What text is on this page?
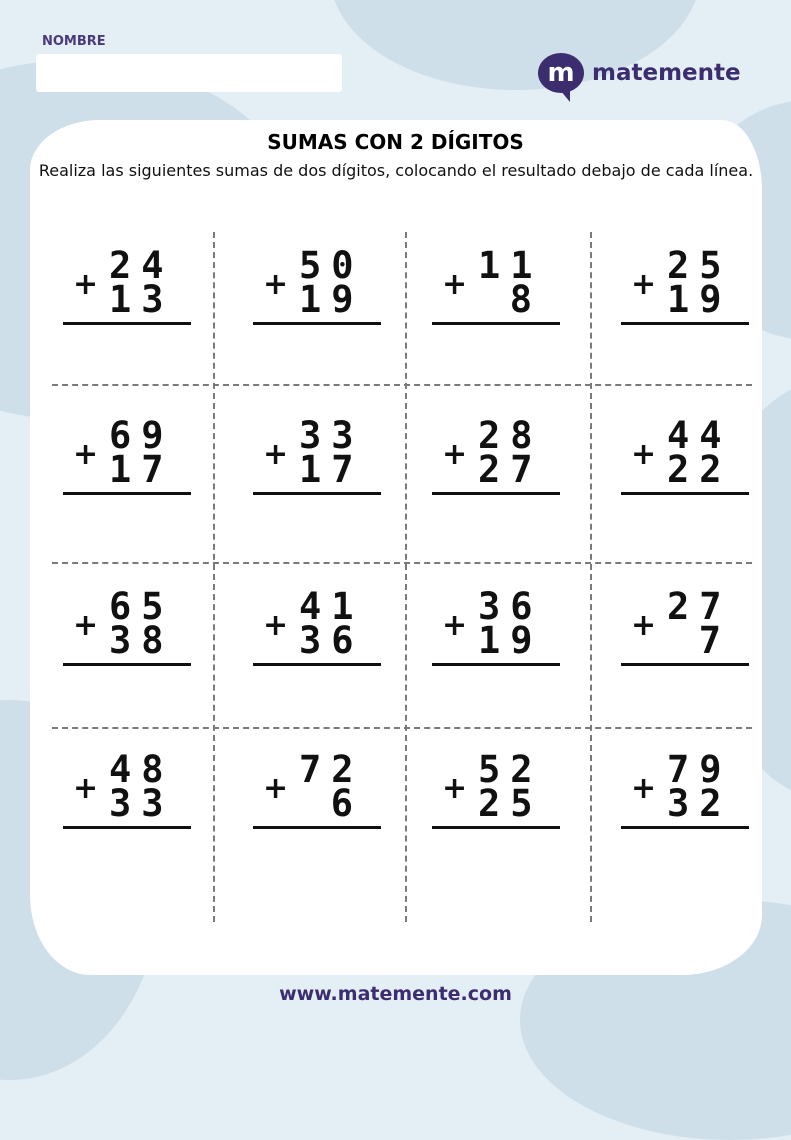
NOMBRE
m matemente
SUMAS CON 2 DÍGITOS
Realiza las siguientes sumas de dos dígitos, colocando el resultado debajo de cada línea.
24
+ 13
50
+ 19
11
+	8
25
+ 19
69
+ 17
33
+ 17
28
+ 27
44
+ 22
65
+ 38
41
+ 36
36
+ 19
27
+	7
48
+ 33
72
+	6
52
+ 25
79
+ 32
www.matemente.com
